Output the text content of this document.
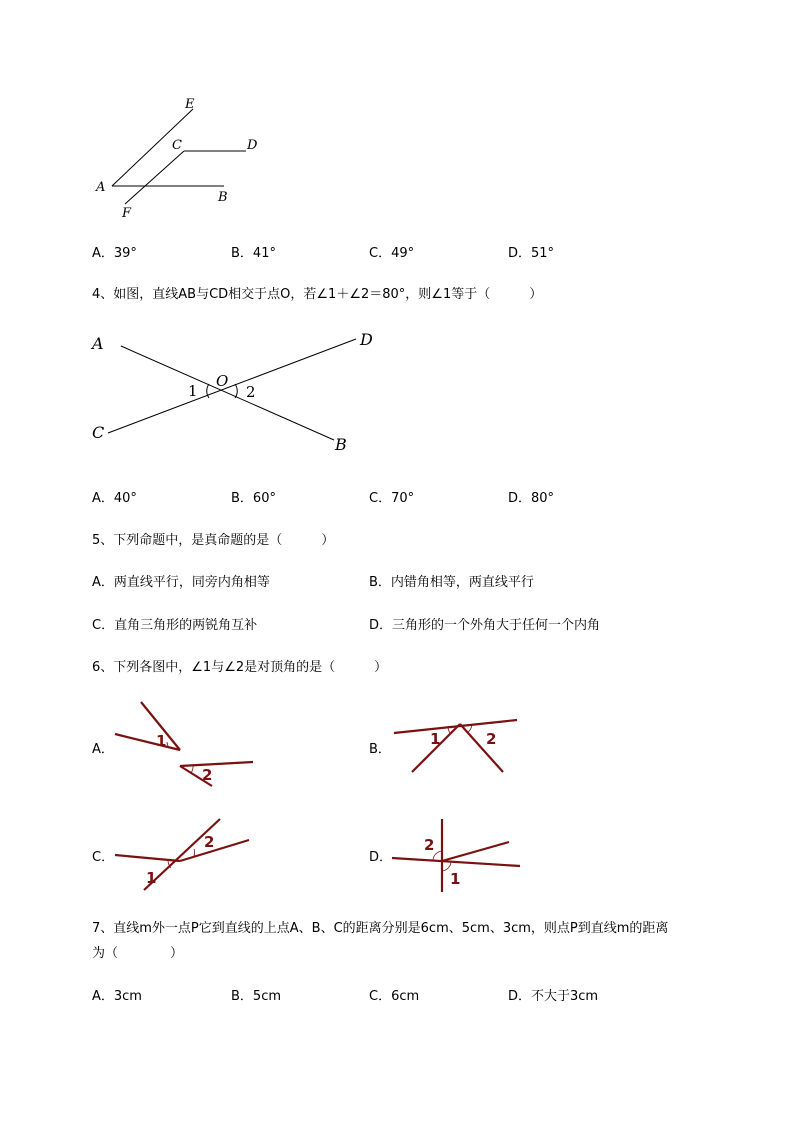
E
C	D
A
B
F
A．39°	B．41°	C．49°	D．51°
4、如图，直线AB与CD相交于点O，若∠1＋∠2＝80°，则∠1等于（　　　）
A	D
O
1	2
C
B
A．40°	B．60°	C．70°	D．80°
5、下列命题中，是真命题的是（　　　）
A．两直线平行，同旁内角相等	B．内错角相等，两直线平行
C．直角三角形的两锐角互补	D．三角形的一个外角大于任何一个内角
6、下列各图中，∠1与∠2是对顶角的是（　　　）
A．	1
2
B．
1	2
C．
2
1
D．
2
1
7、直线m外一点P它到直线的上点A、B、C的距离分别是6cm、5cm、3cm，则点P到直线m的距离
为（　　　　）
A．3cm	B．5cm	C．6cm	D．不大于3cm
